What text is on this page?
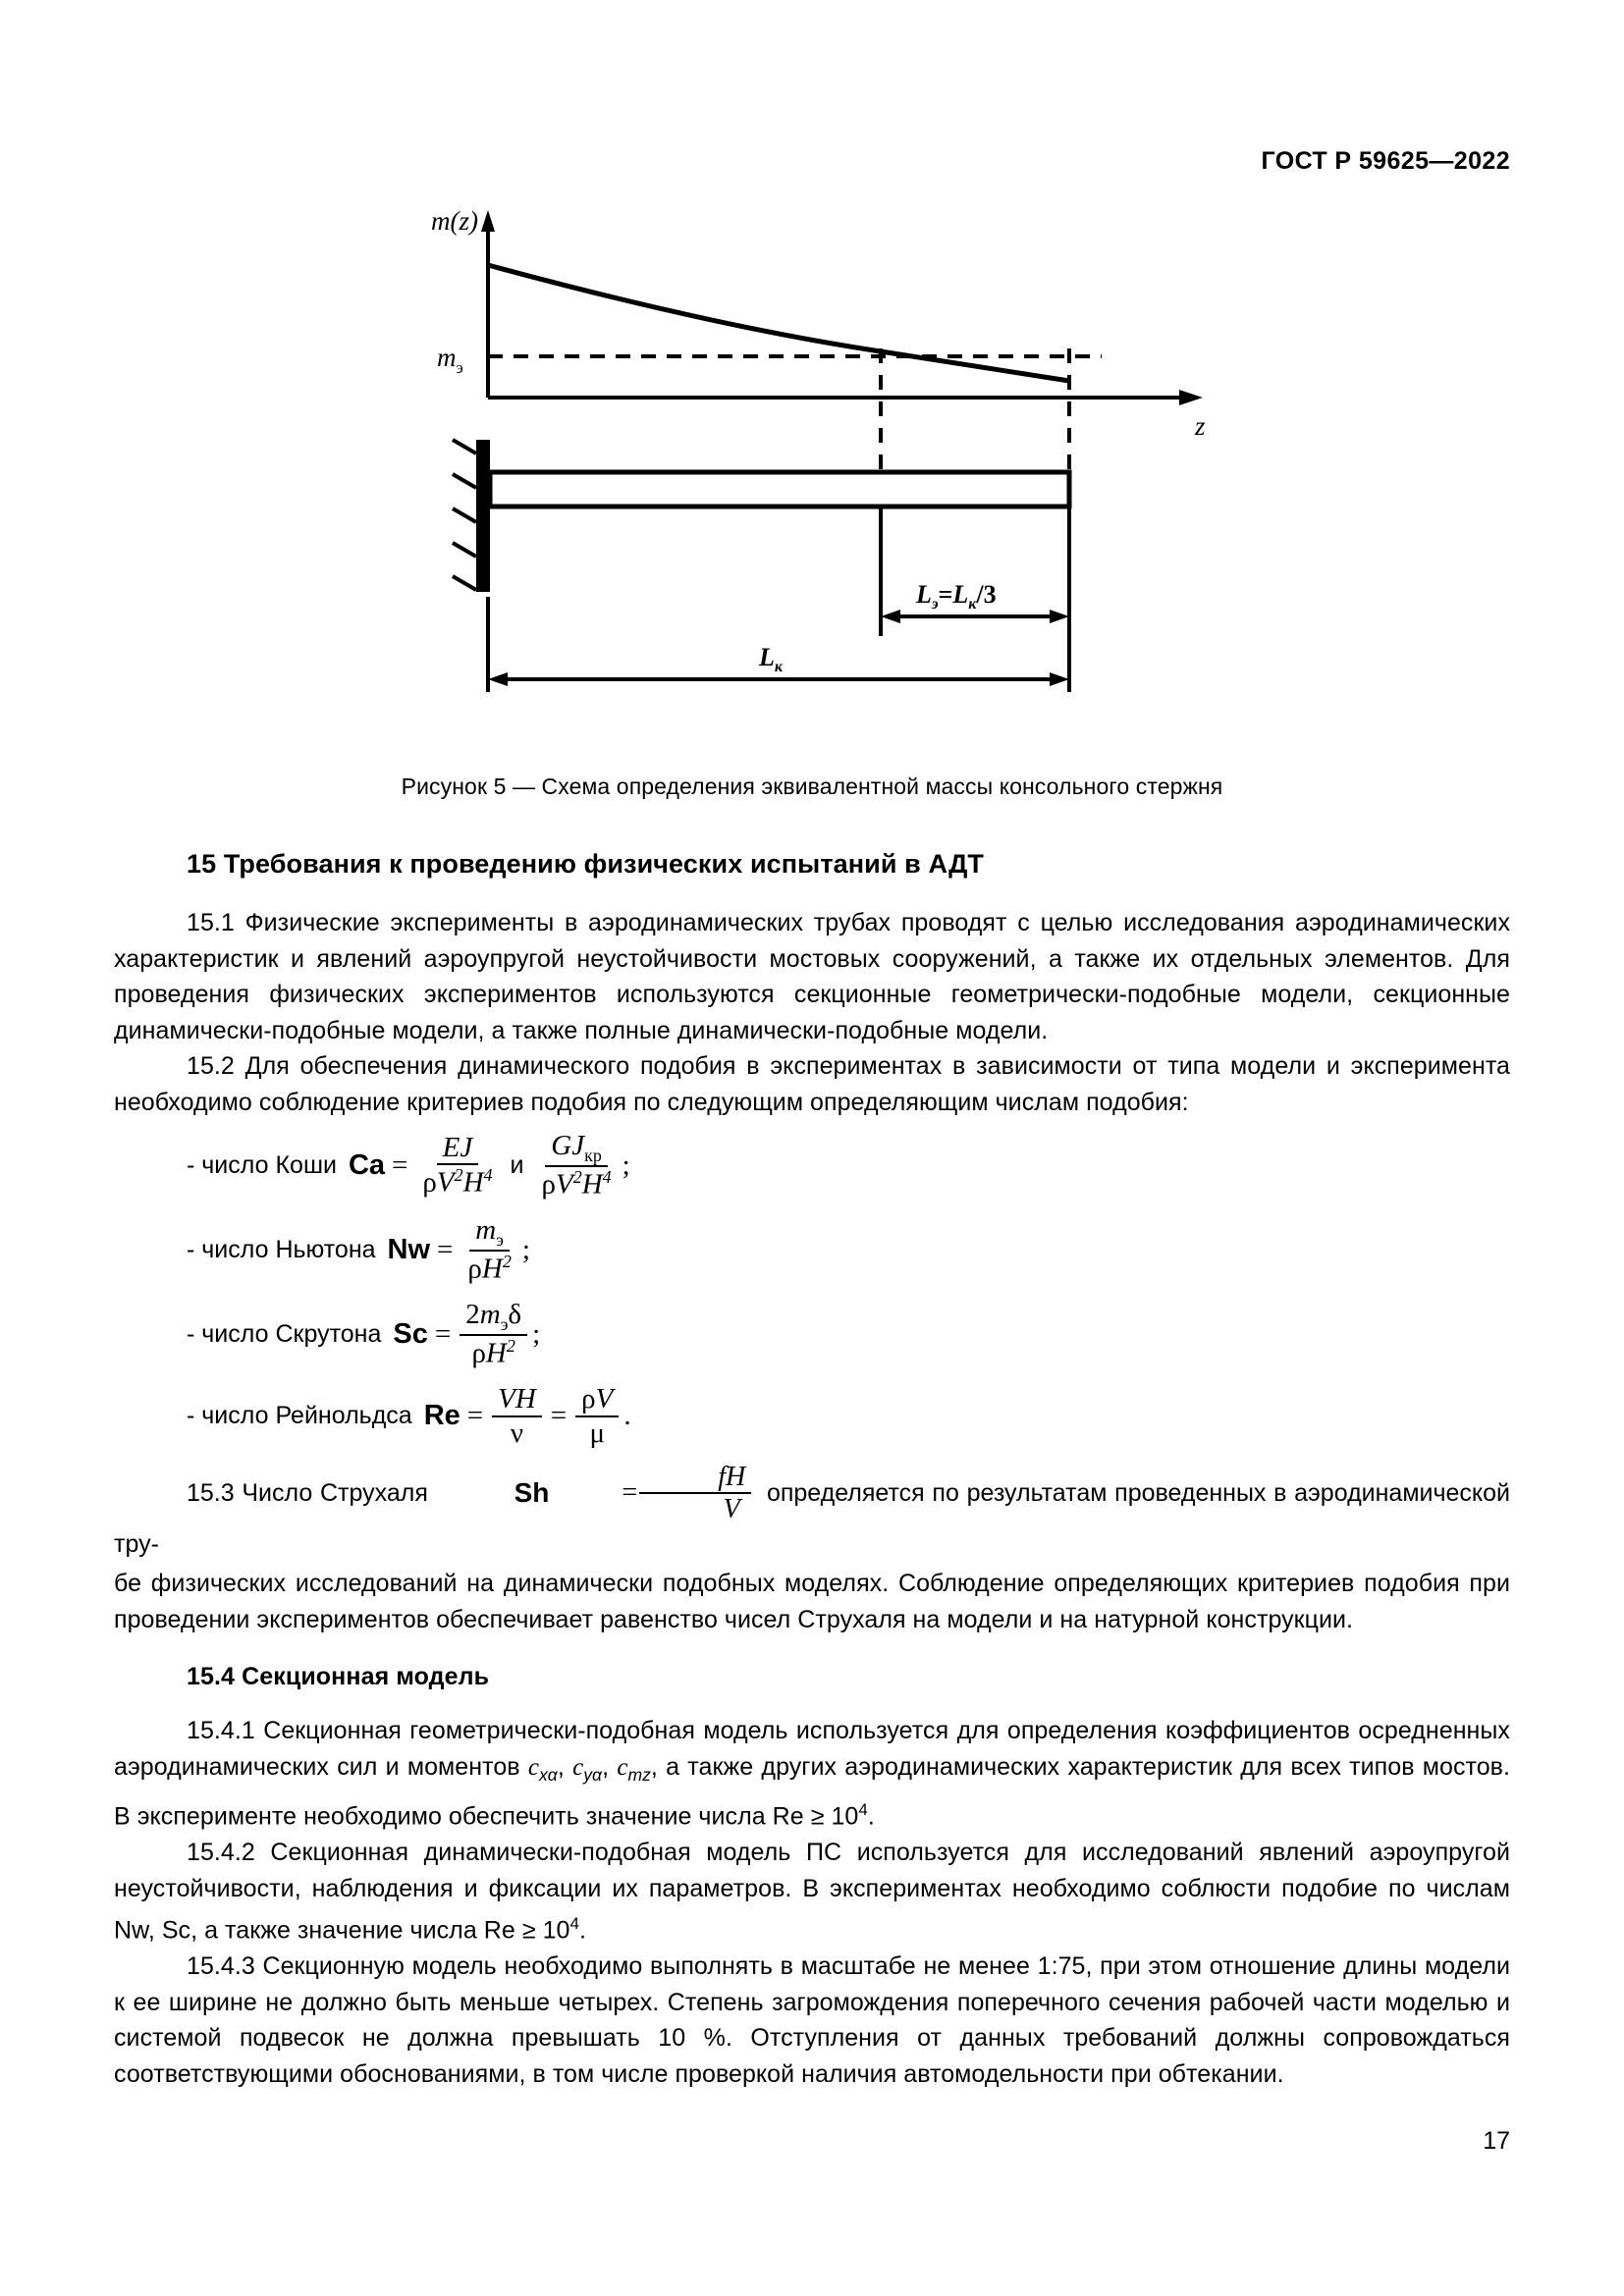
ГОСТ Р 59625—2022
m(z)
$m_э$
z
$L_э=L_к/3$
$L_к$
Рисунок 5 — Схема определения эквивалентной массы консольного стержня
15 Требования к проведению физических испытаний в АДТ

15.1 Физические эксперименты в аэродинамических трубах проводят с целью исследования аэродинамических характеристик и явлений аэроупругой неустойчивости мостовых сооружений, а также их отдельных элементов. Для проведения физических экспериментов используются секционные геометрически-подобные модели, секционные динамически-подобные модели, а также полные динамически-подобные модели.

15.2 Для обеспечения динамического подобия в экспериментах в зависимости от типа модели и эксперимента необходимо соблюдение критериев подобия по следующим определяющим числам подобия:

- число Коши $Ca = \frac{EJ}{\rho V^2H^4}$ и $\frac{GJ_{кр}}{\rho V^2H^4}$ ;
- число Ньютона $Nw = \frac{m_э}{\rho H^2}$ ;
- число Скрутона $Sc = \frac{2m_э\delta}{\rho H^2}$ ;
- число Рейнольдса $Re = \frac{VH}{\nu} = \frac{\rho V}{\mu}$ .

15.3 Число Струхаля	Sh	= $\frac{fH}{V}$ определяется по результатам проведенных в аэродинамической тру-

бе физических исследований на динамически подобных моделях. Соблюдение определяющих критериев подобия при проведении экспериментов обеспечивает равенство чисел Струхаля на модели и на натурной конструкции.

15.4 Секционная модель

15.4.1 Секционная геометрически-подобная модель используется для определения коэффициентов осредненных аэродинамических сил и моментов $c_{x\alpha}$, $c_{y\alpha}$, $c_{mz}$, а также других аэродинамических характеристик для всех типов мостов. В эксперименте необходимо обеспечить значение числа $Re \ge 10^4$.

15.4.2 Секционная динамически-подобная модель ПС используется для исследований явлений аэроупругой неустойчивости, наблюдения и фиксации их параметров. В экспериментах необходимо соблюсти подобие по числам Nw, Sc, а также значение числа $Re \ge 10^4$.

15.4.3 Секционную модель необходимо выполнять в масштабе не менее 1:75, при этом отношение длины модели к ее ширине не должно быть меньше четырех. Степень загромождения поперечного сечения рабочей части моделью и системой подвесок не должна превышать 10 %. Отступления от данных требований должны сопровождаться соответствующими обоснованиями, в том числе проверкой наличия автомодельности при обтекании.

17
